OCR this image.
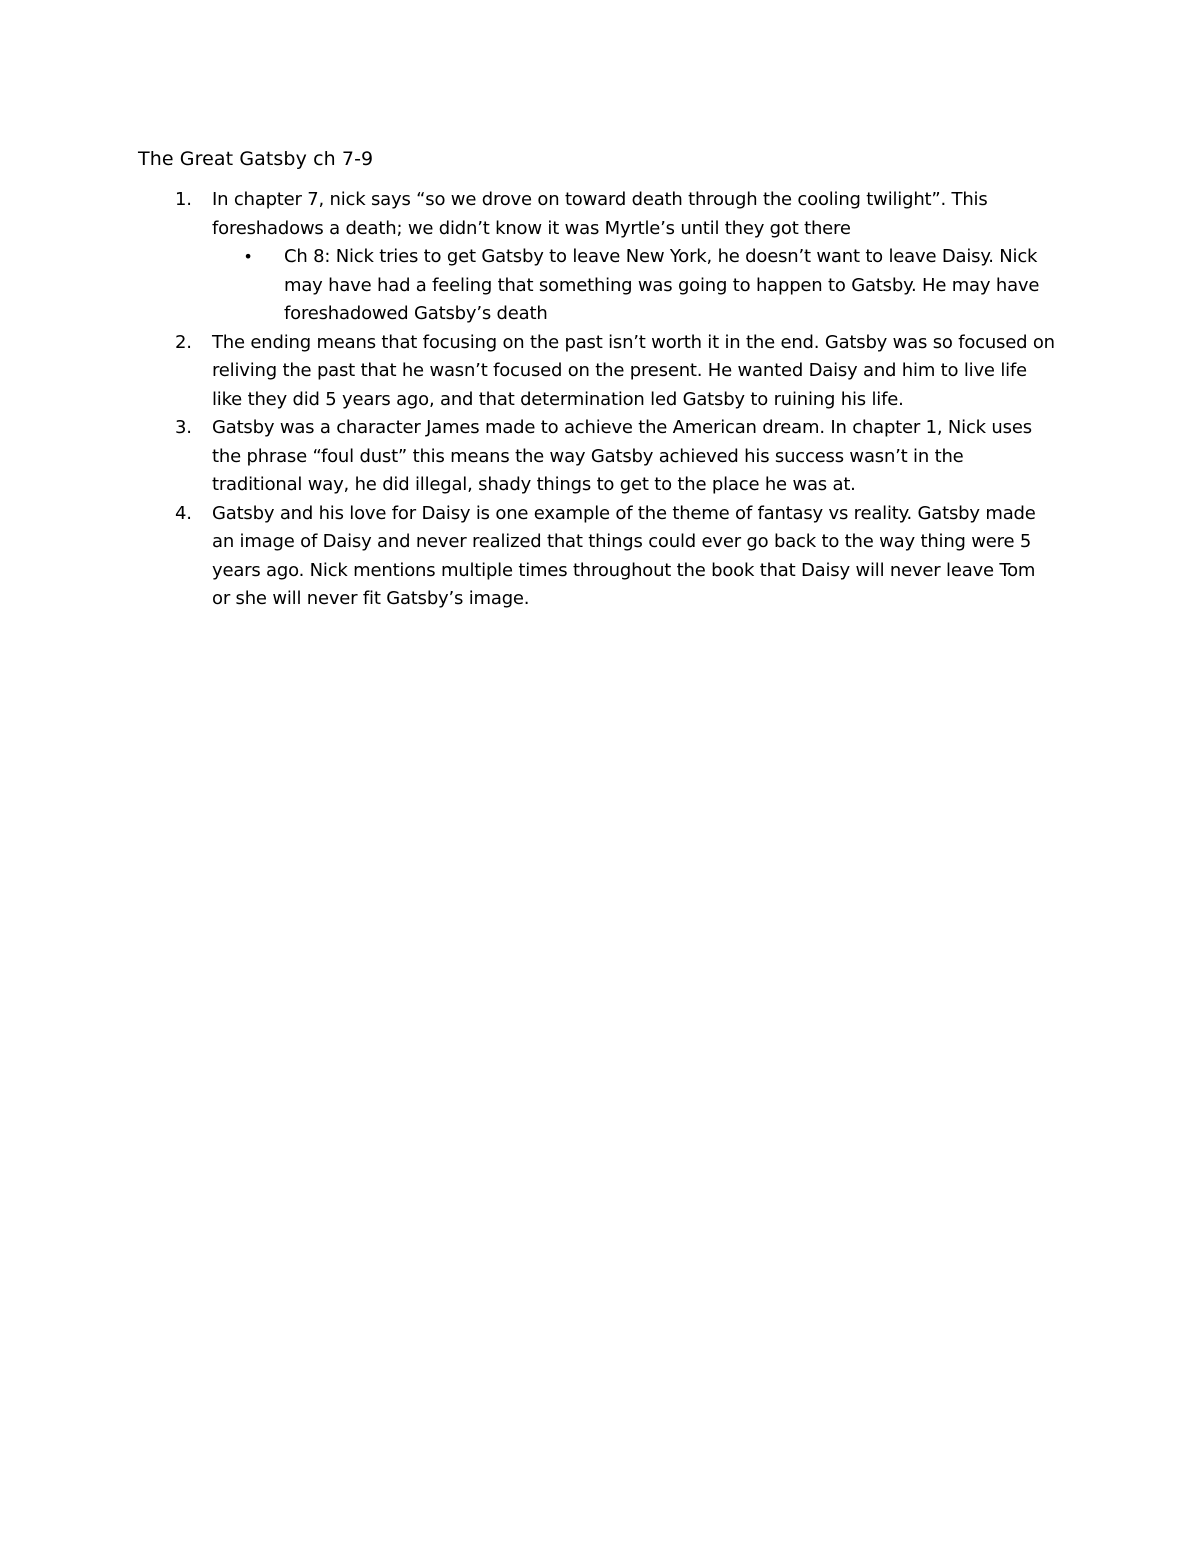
The Great Gatsby ch 7-9
1. In chapter 7, nick says “so we drove on toward death through the cooling twilight”. This foreshadows a death; we didn’t know it was Myrtle’s until they got there
• Ch 8: Nick tries to get Gatsby to leave New York, he doesn’t want to leave Daisy. Nick may have had a feeling that something was going to happen to Gatsby. He may have foreshadowed Gatsby’s death
2. The ending means that focusing on the past isn’t worth it in the end. Gatsby was so focused on reliving the past that he wasn’t focused on the present. He wanted Daisy and him to live life like they did 5 years ago, and that determination led Gatsby to ruining his life.
3. Gatsby was a character James made to achieve the American dream. In chapter 1, Nick uses the phrase “foul dust” this means the way Gatsby achieved his success wasn’t in the traditional way, he did illegal, shady things to get to the place he was at.
4. Gatsby and his love for Daisy is one example of the theme of fantasy vs reality. Gatsby made an image of Daisy and never realized that things could ever go back to the way thing were 5 years ago. Nick mentions multiple times throughout the book that Daisy will never leave Tom or she will never fit Gatsby’s image.
